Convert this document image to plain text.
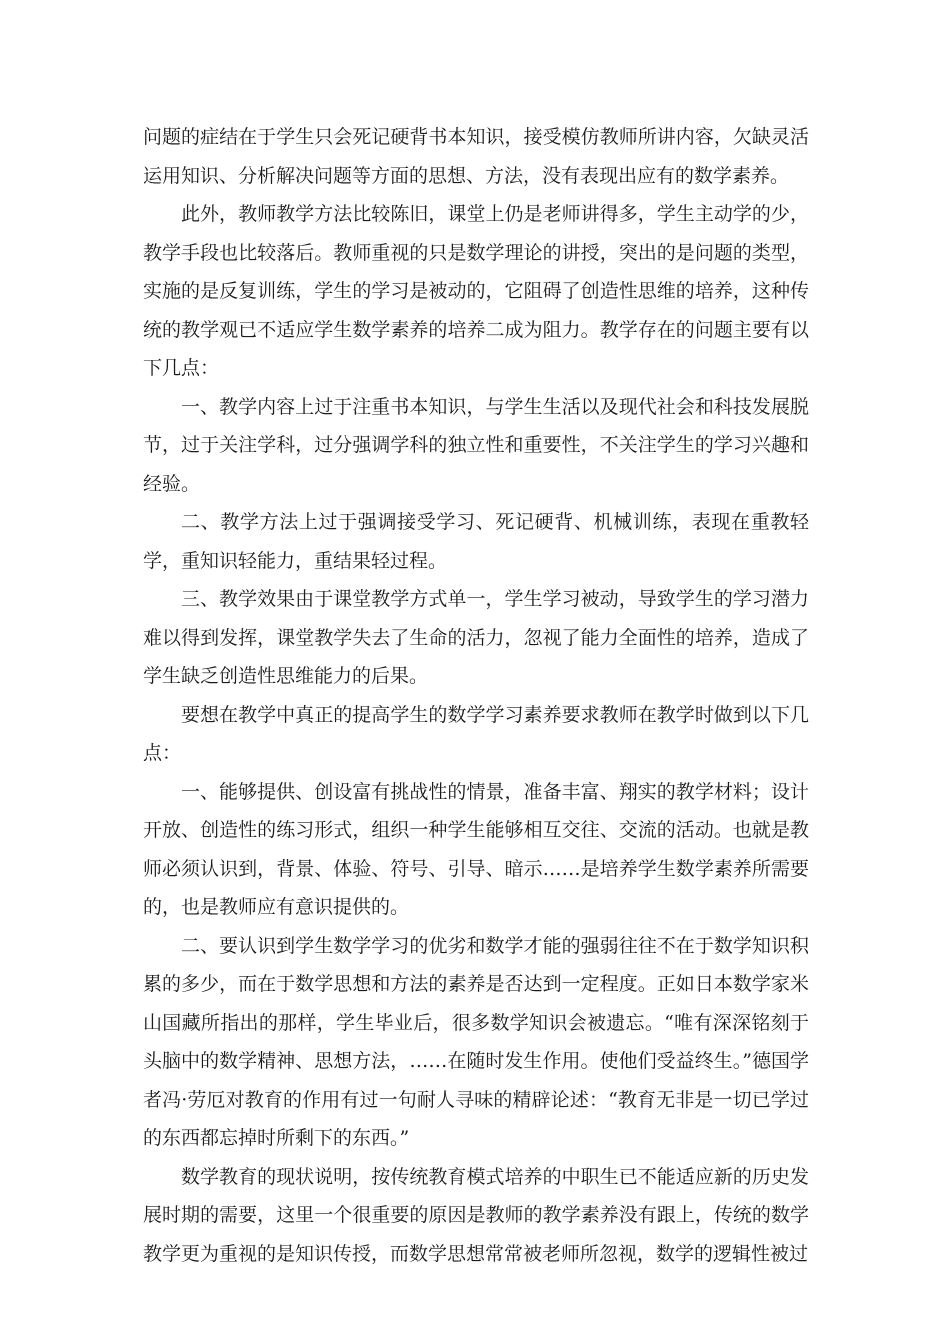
问题的症结在于学生只会死记硬背书本知识，接受模仿教师所讲内容，欠缺灵活运用知识、分析解决问题等方面的思想、方法，没有表现出应有的数学素养。

此外，教师教学方法比较陈旧，课堂上仍是老师讲得多，学生主动学的少，教学手段也比较落后。教师重视的只是数学理论的讲授，突出的是问题的类型，实施的是反复训练，学生的学习是被动的，它阻碍了创造性思维的培养，这种传统的教学观已不适应学生数学素养的培养二成为阻力。教学存在的问题主要有以下几点：

一、教学内容上过于注重书本知识，与学生生活以及现代社会和科技发展脱节，过于关注学科，过分强调学科的独立性和重要性，不关注学生的学习兴趣和经验。

二、教学方法上过于强调接受学习、死记硬背、机械训练，表现在重教轻学，重知识轻能力，重结果轻过程。

三、教学效果由于课堂教学方式单一，学生学习被动，导致学生的学习潜力难以得到发挥，课堂教学失去了生命的活力，忽视了能力全面性的培养，造成了学生缺乏创造性思维能力的后果。

要想在教学中真正的提高学生的数学学习素养要求教师在教学时做到以下几点：

一、能够提供、创设富有挑战性的情景，准备丰富、翔实的教学材料；设计开放、创造性的练习形式，组织一种学生能够相互交往、交流的活动。也就是教师必须认识到，背景、体验、符号、引导、暗示……是培养学生数学素养所需要的，也是教师应有意识提供的。

二、要认识到学生数学学习的优劣和数学才能的强弱往往不在于数学知识积累的多少，而在于数学思想和方法的素养是否达到一定程度。正如日本数学家米山国藏所指出的那样，学生毕业后，很多数学知识会被遗忘。“唯有深深铭刻于头脑中的数学精神、思想方法，……在随时发生作用。使他们受益终生。”德国学者冯·劳厄对教育的作用有过一句耐人寻味的精辟论述：“教育无非是一切已学过的东西都忘掉时所剩下的东西。”

数学教育的现状说明，按传统教育模式培养的中职生已不能适应新的历史发展时期的需要，这里一个很重要的原因是教师的教学素养没有跟上，传统的数学教学更为重视的是知识传授，而数学思想常常被老师所忽视，数学的逻辑性被过
